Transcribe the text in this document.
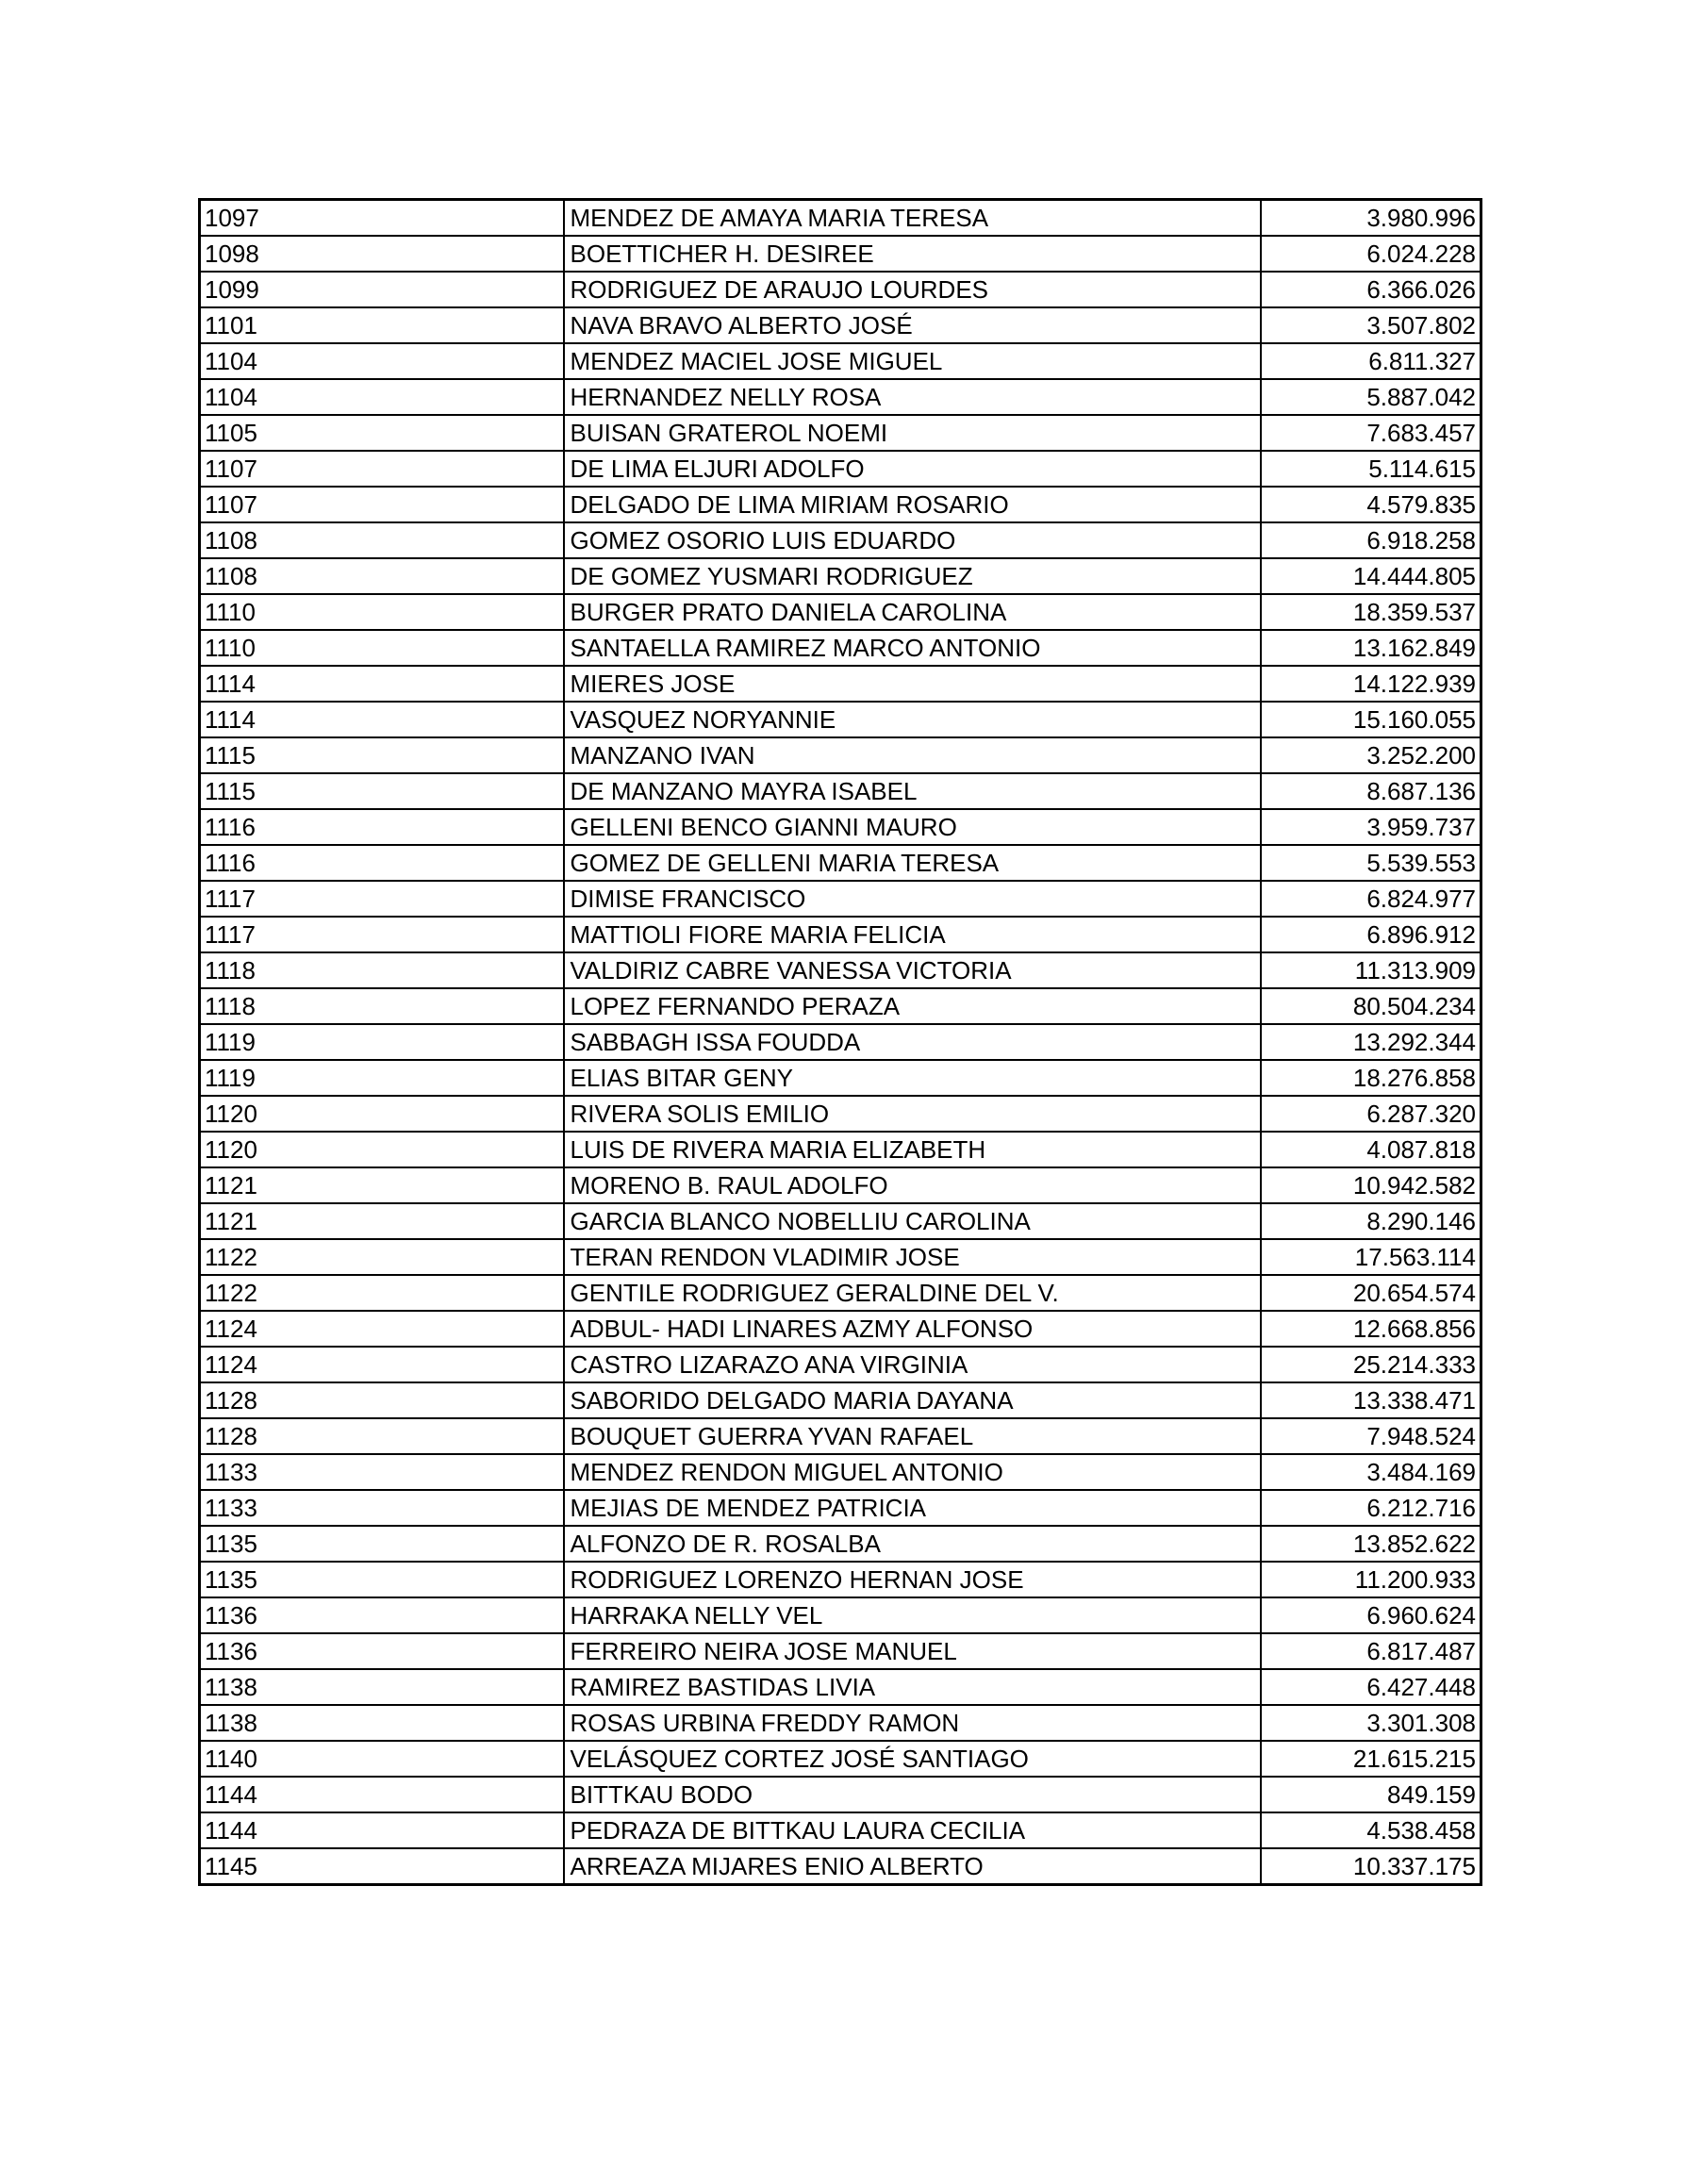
1097	MENDEZ DE AMAYA MARIA TERESA	3.980.996
1098	BOETTICHER H. DESIREE	6.024.228
1099	RODRIGUEZ DE ARAUJO LOURDES	6.366.026
1101	NAVA BRAVO ALBERTO JOSÉ	3.507.802
1104	MENDEZ MACIEL JOSE MIGUEL	6.811.327
1104	HERNANDEZ NELLY ROSA	5.887.042
1105	BUISAN GRATEROL NOEMI	7.683.457
1107	DE LIMA ELJURI ADOLFO	5.114.615
1107	DELGADO DE LIMA MIRIAM ROSARIO	4.579.835
1108	GOMEZ OSORIO LUIS EDUARDO	6.918.258
1108	DE GOMEZ YUSMARI RODRIGUEZ	14.444.805
1110	BURGER PRATO DANIELA CAROLINA	18.359.537
1110	SANTAELLA RAMIREZ MARCO ANTONIO	13.162.849
1114	MIERES JOSE	14.122.939
1114	VASQUEZ NORYANNIE	15.160.055
1115	MANZANO IVAN	3.252.200
1115	DE MANZANO MAYRA ISABEL	8.687.136
1116	GELLENI BENCO GIANNI MAURO	3.959.737
1116	GOMEZ DE GELLENI MARIA TERESA	5.539.553
1117	DIMISE FRANCISCO	6.824.977
1117	MATTIOLI FIORE MARIA FELICIA	6.896.912
1118	VALDIRIZ CABRE VANESSA VICTORIA	11.313.909
1118	LOPEZ FERNANDO PERAZA	80.504.234
1119	SABBAGH ISSA FOUDDA	13.292.344
1119	ELIAS BITAR GENY	18.276.858
1120	RIVERA SOLIS EMILIO	6.287.320
1120	LUIS DE RIVERA MARIA ELIZABETH	4.087.818
1121	MORENO B. RAUL ADOLFO	10.942.582
1121	GARCIA BLANCO NOBELLIU CAROLINA	8.290.146
1122	TERAN RENDON VLADIMIR JOSE	17.563.114
1122	GENTILE RODRIGUEZ GERALDINE DEL V.	20.654.574
1124	ADBUL- HADI LINARES AZMY ALFONSO	12.668.856
1124	CASTRO LIZARAZO ANA VIRGINIA	25.214.333
1128	SABORIDO DELGADO MARIA DAYANA	13.338.471
1128	BOUQUET GUERRA YVAN RAFAEL	7.948.524
1133	MENDEZ RENDON MIGUEL ANTONIO	3.484.169
1133	MEJIAS DE MENDEZ PATRICIA	6.212.716
1135	ALFONZO DE R. ROSALBA	13.852.622
1135	RODRIGUEZ LORENZO HERNAN JOSE	11.200.933
1136	HARRAKA NELLY VEL	6.960.624
1136	FERREIRO NEIRA JOSE MANUEL	6.817.487
1138	RAMIREZ BASTIDAS LIVIA	6.427.448
1138	ROSAS URBINA FREDDY RAMON	3.301.308
1140	VELÁSQUEZ CORTEZ JOSÉ SANTIAGO	21.615.215
1144	BITTKAU BODO	849.159
1144	PEDRAZA DE BITTKAU LAURA CECILIA	4.538.458
1145	ARREAZA MIJARES ENIO ALBERTO	10.337.175
